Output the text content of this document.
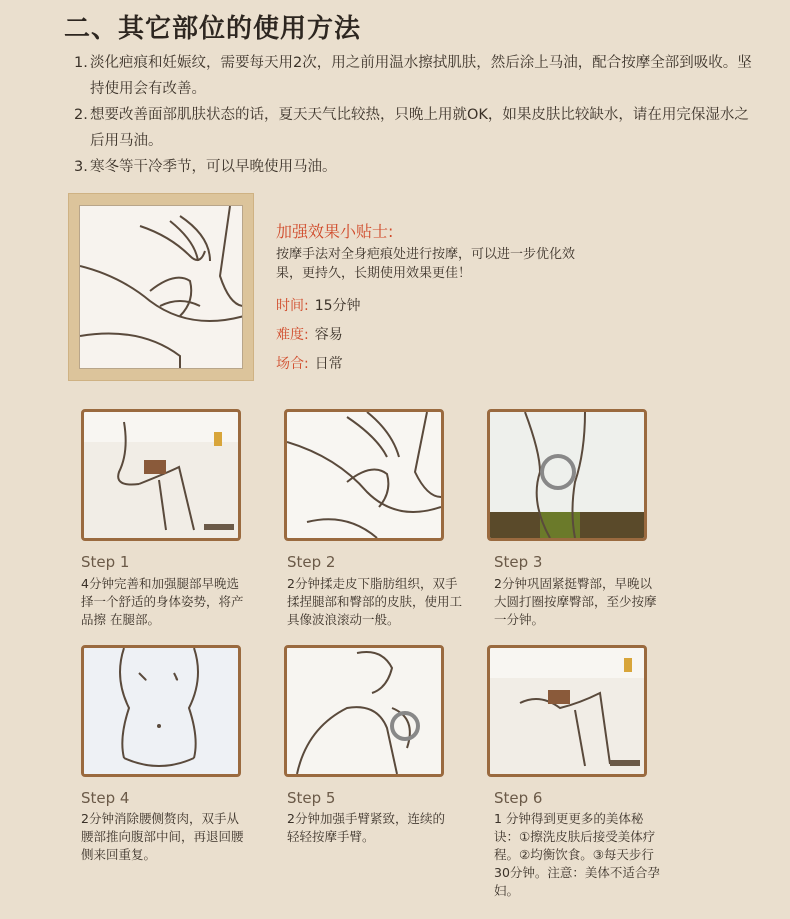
二、其它部位的使用方法
1. 淡化疤痕和妊娠纹，需要每天用2次，用之前用温水擦拭肌肤，然后涂上马油，配合按摩全部到吸收。坚持使用会有改善。
2. 想要改善面部肌肤状态的话，夏天天气比较热，只晚上用就OK，如果皮肤比较缺水，请在用完保湿水之后用马油。
3. 寒冬等干冷季节，可以早晚使用马油。
加强效果小贴士:
按摩手法对全身疤痕处进行按摩，可以进一步优化效果，更持久，长期使用效果更佳！
时间: 15分钟
难度: 容易
场合: 日常
Step 1
4分钟完善和加强腿部早晚选择一个舒适的身体姿势，将产品擦 在腿部。
Step 2
2分钟揉走皮下脂肪组织，双手揉捏腿部和臀部的皮肤，使用工具像波浪滚动一般。
Step 3
2分钟巩固紧挺臀部，早晚以大圆打圈按摩臀部，至少按摩一分钟。
Step 4
2分钟消除腰侧赘肉，双手从腰部推向腹部中间，再退回腰侧来回重复。
Step 5
2分钟加强手臂紧致，连续的轻轻按摩手臂。
Step 6
1 分钟得到更更多的美体秘诀：①擦洗皮肤后接受美体疗程。②均衡饮食。③每天步行30分钟。注意：美体不适合孕妇。
